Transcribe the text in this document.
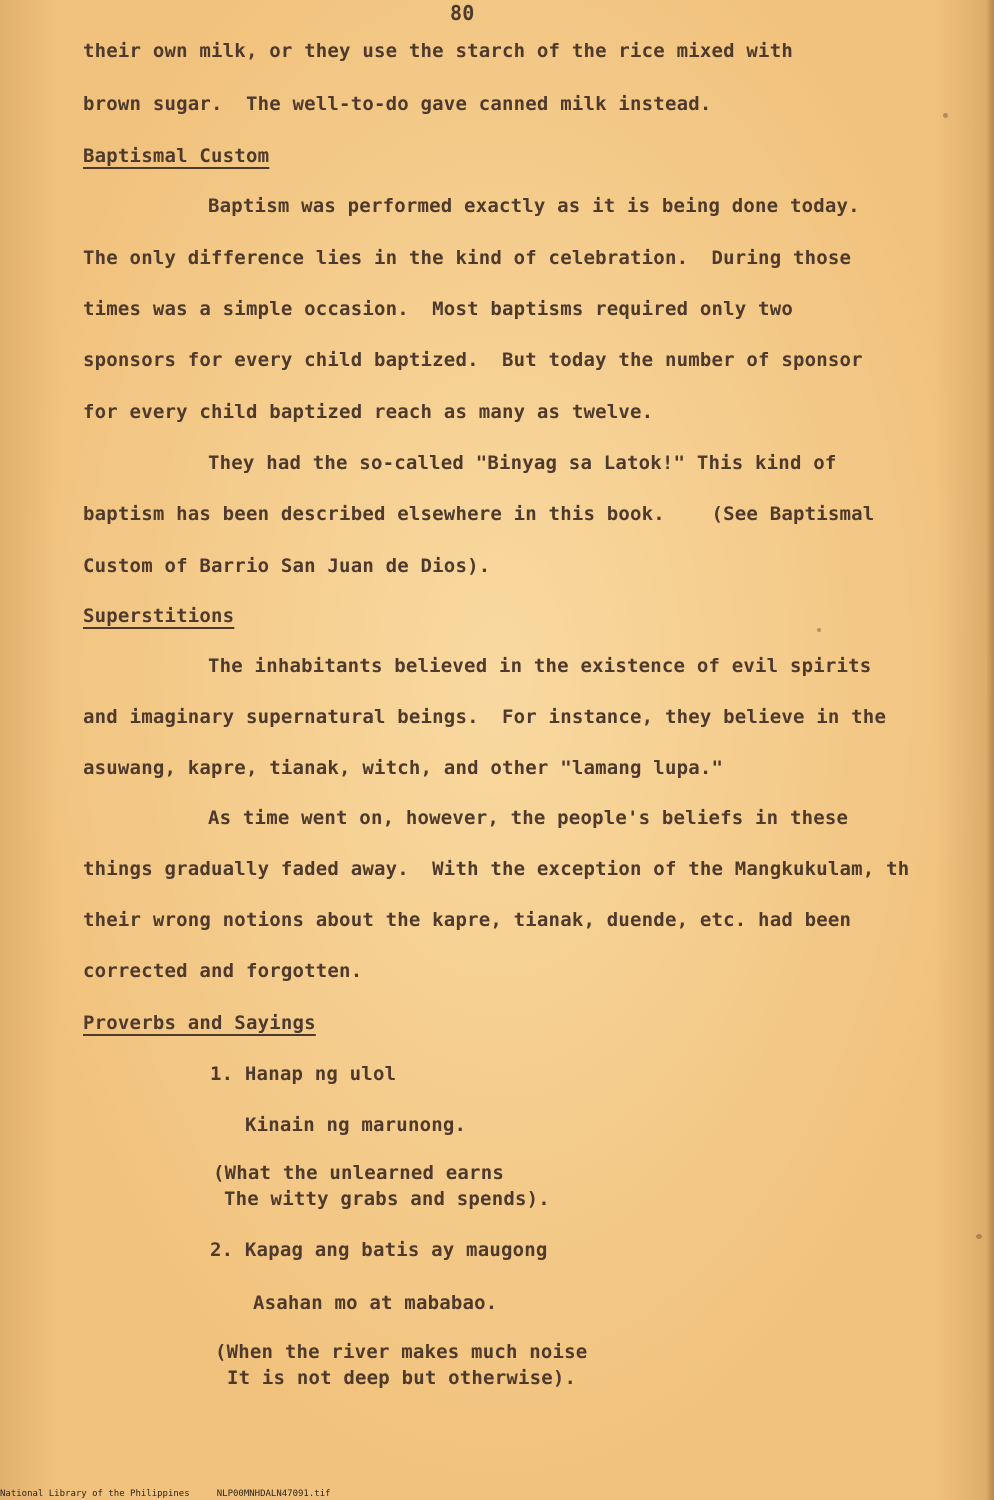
80
their own milk, or they use the starch of the rice mixed with
brown sugar.  The well-to-do gave canned milk instead.
Baptismal Custom
Baptism was performed exactly as it is being done today.
The only difference lies in the kind of celebration.  During those
times was a simple occasion.  Most baptisms required only two
sponsors for every child baptized.  But today the number of sponsor
for every child baptized reach as many as twelve.
They had the so-called "Binyag sa Latok!" This kind of
baptism has been described elsewhere in this book.    (See Baptismal
Custom of Barrio San Juan de Dios).
Superstitions
The inhabitants believed in the existence of evil spirits
and imaginary supernatural beings.  For instance, they believe in the
asuwang, kapre, tianak, witch, and other "lamang lupa."
As time went on, however, the people's beliefs in these
things gradually faded away.  With the exception of the Mangkukulam, th
their wrong notions about the kapre, tianak, duende, etc. had been
corrected and forgotten.
Proverbs and Sayings
1. Hanap ng ulol
Kinain ng marunong.
(What the unlearned earns
The witty grabs and spends).
2. Kapag ang batis ay maugong
Asahan mo at mababao.
(When the river makes much noise
It is not deep but otherwise).
National Library of the Philippines     NLP00MNHDALN47091.tif
